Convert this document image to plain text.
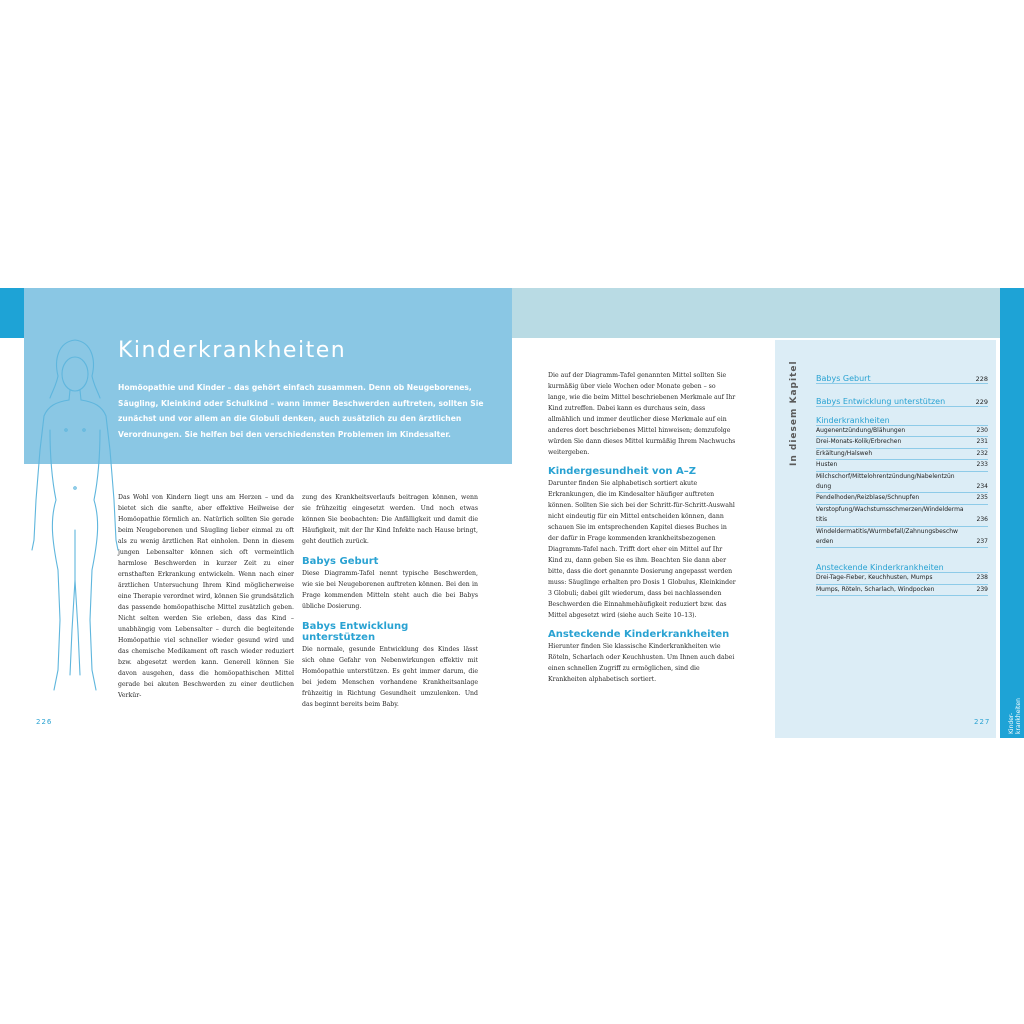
Kinderkrankheiten

Homöopathie und Kinder – das gehört einfach zusammen. Denn ob Neugeborenes, Säugling, Kleinkind oder Schulkind – wann immer Beschwerden auftreten, sollten Sie zunächst und vor allem an die Globuli denken, auch zusätzlich zu den ärztlichen Verordnungen. Sie helfen bei den verschiedensten Problemen im Kindesalter.

Das Wohl von Kindern liegt uns am Herzen – und da bietet sich die sanfte, aber effektive Heilweise der Homöopathie förmlich an. Natürlich sollten Sie gerade beim Neugeborenen und Säugling lieber einmal zu oft als zu wenig ärztlichen Rat einholen. Denn in diesem jungen Lebensalter können sich oft vermeintlich harmlose Beschwerden in kurzer Zeit zu einer ernsthaften Erkrankung entwickeln. Wenn nach einer ärztlichen Untersuchung Ihrem Kind möglicherweise eine Therapie verordnet wird, können Sie grundsätzlich das passende homöopathische Mittel zusätzlich geben. Nicht selten werden Sie erleben, dass das Kind – unabhängig vom Lebensalter – durch die begleitende Homöopathie viel schneller wieder gesund wird und das chemische Medikament oft rasch wieder reduziert bzw. abgesetzt werden kann. Generell können Sie davon ausgehen, dass die homöopathischen Mittel gerade bei akuten Beschwerden zu einer deutlichen Verkür-

zung des Krankheitsverlaufs beitragen können, wenn sie frühzeitig eingesetzt werden. Und noch etwas können Sie beobachten: Die Anfälligkeit und damit die Häufigkeit, mit der Ihr Kind Infekte nach Hause bringt, geht deutlich zurück.

Babys Geburt

Diese Diagramm-Tafel nennt typische Beschwerden, wie sie bei Neugeborenen auftreten können. Bei den in Frage kommenden Mitteln steht auch die bei Babys übliche Dosierung.

Babys Entwicklung unterstützen

Die normale, gesunde Entwicklung des Kindes lässt sich ohne Gefahr von Nebenwirkungen effektiv mit Homöopathie unterstützen. Es geht immer darum, die bei jedem Menschen vorhandene Krankheitsanlage frühzeitig in Richtung Gesundheit umzulenken. Und das beginnt bereits beim Baby.

226

Die auf der Diagramm-Tafel genannten Mittel sollten Sie kurmäßig über viele Wochen oder Monate geben – so lange, wie die beim Mittel beschriebenen Merkmale auf Ihr Kind zutreffen. Dabei kann es durchaus sein, dass allmählich und immer deutlicher diese Merkmale auf ein anderes dort beschriebenes Mittel hinweisen; demzufolge würden Sie dann dieses Mittel kurmäßig Ihrem Nachwuchs weitergeben.

Kindergesundheit von A–Z

Darunter finden Sie alphabetisch sortiert akute Erkrankungen, die im Kindesalter häufiger auftreten können. Sollten Sie sich bei der Schritt-für-Schritt-Auswahl nicht eindeutig für ein Mittel entscheiden können, dann schauen Sie im entsprechenden Kapitel dieses Buches in der dafür in Frage kommenden krankheitsbezogenen Diagramm-Tafel nach. Trifft dort eher ein Mittel auf Ihr Kind zu, dann geben Sie es ihm. Beachten Sie dann aber bitte, dass die dort genannte Dosierung angepasst werden muss: Säuglinge erhalten pro Dosis 1 Globulus, Kleinkinder 3 Globuli; dabei gilt wiederum, dass bei nachlassenden Beschwerden die Einnahmehäufigkeit reduziert bzw. das Mittel abgesetzt wird (siehe auch Seite 10–13).

Ansteckende Kinderkrankheiten

Hierunter finden Sie klassische Kinderkrankheiten wie Röteln, Scharlach oder Keuchhusten. Um Ihnen auch dabei einen schnellen Zugriff zu ermöglichen, sind die Krankheiten alphabetisch sortiert.

In diesem Kapitel Babys Geburt	228
Babys Entwicklung unterstützen	229
Kinderkrankheiten
Augenentzündung/Blähungen	230
Drei-Monats-Kolik/Erbrechen	231
Erkältung/Halsweh	232
Husten	233
Milchschorf/Mittelohrentzündung/Nabelentzündung	234
Pendelhoden/Reizblase/Schnupfen	235
Verstopfung/Wachstumsschmerzen/Windeldermatitis	236
Windeldermatitis/Wurmbefall/Zahnungsbeschwerden	237
Ansteckende Kinderkrankheiten
Drei-Tage-Fieber, Keuchhusten, Mumps	238
Mumps, Röteln, Scharlach, Windpocken	239
227	Kinder-
krankheiten
